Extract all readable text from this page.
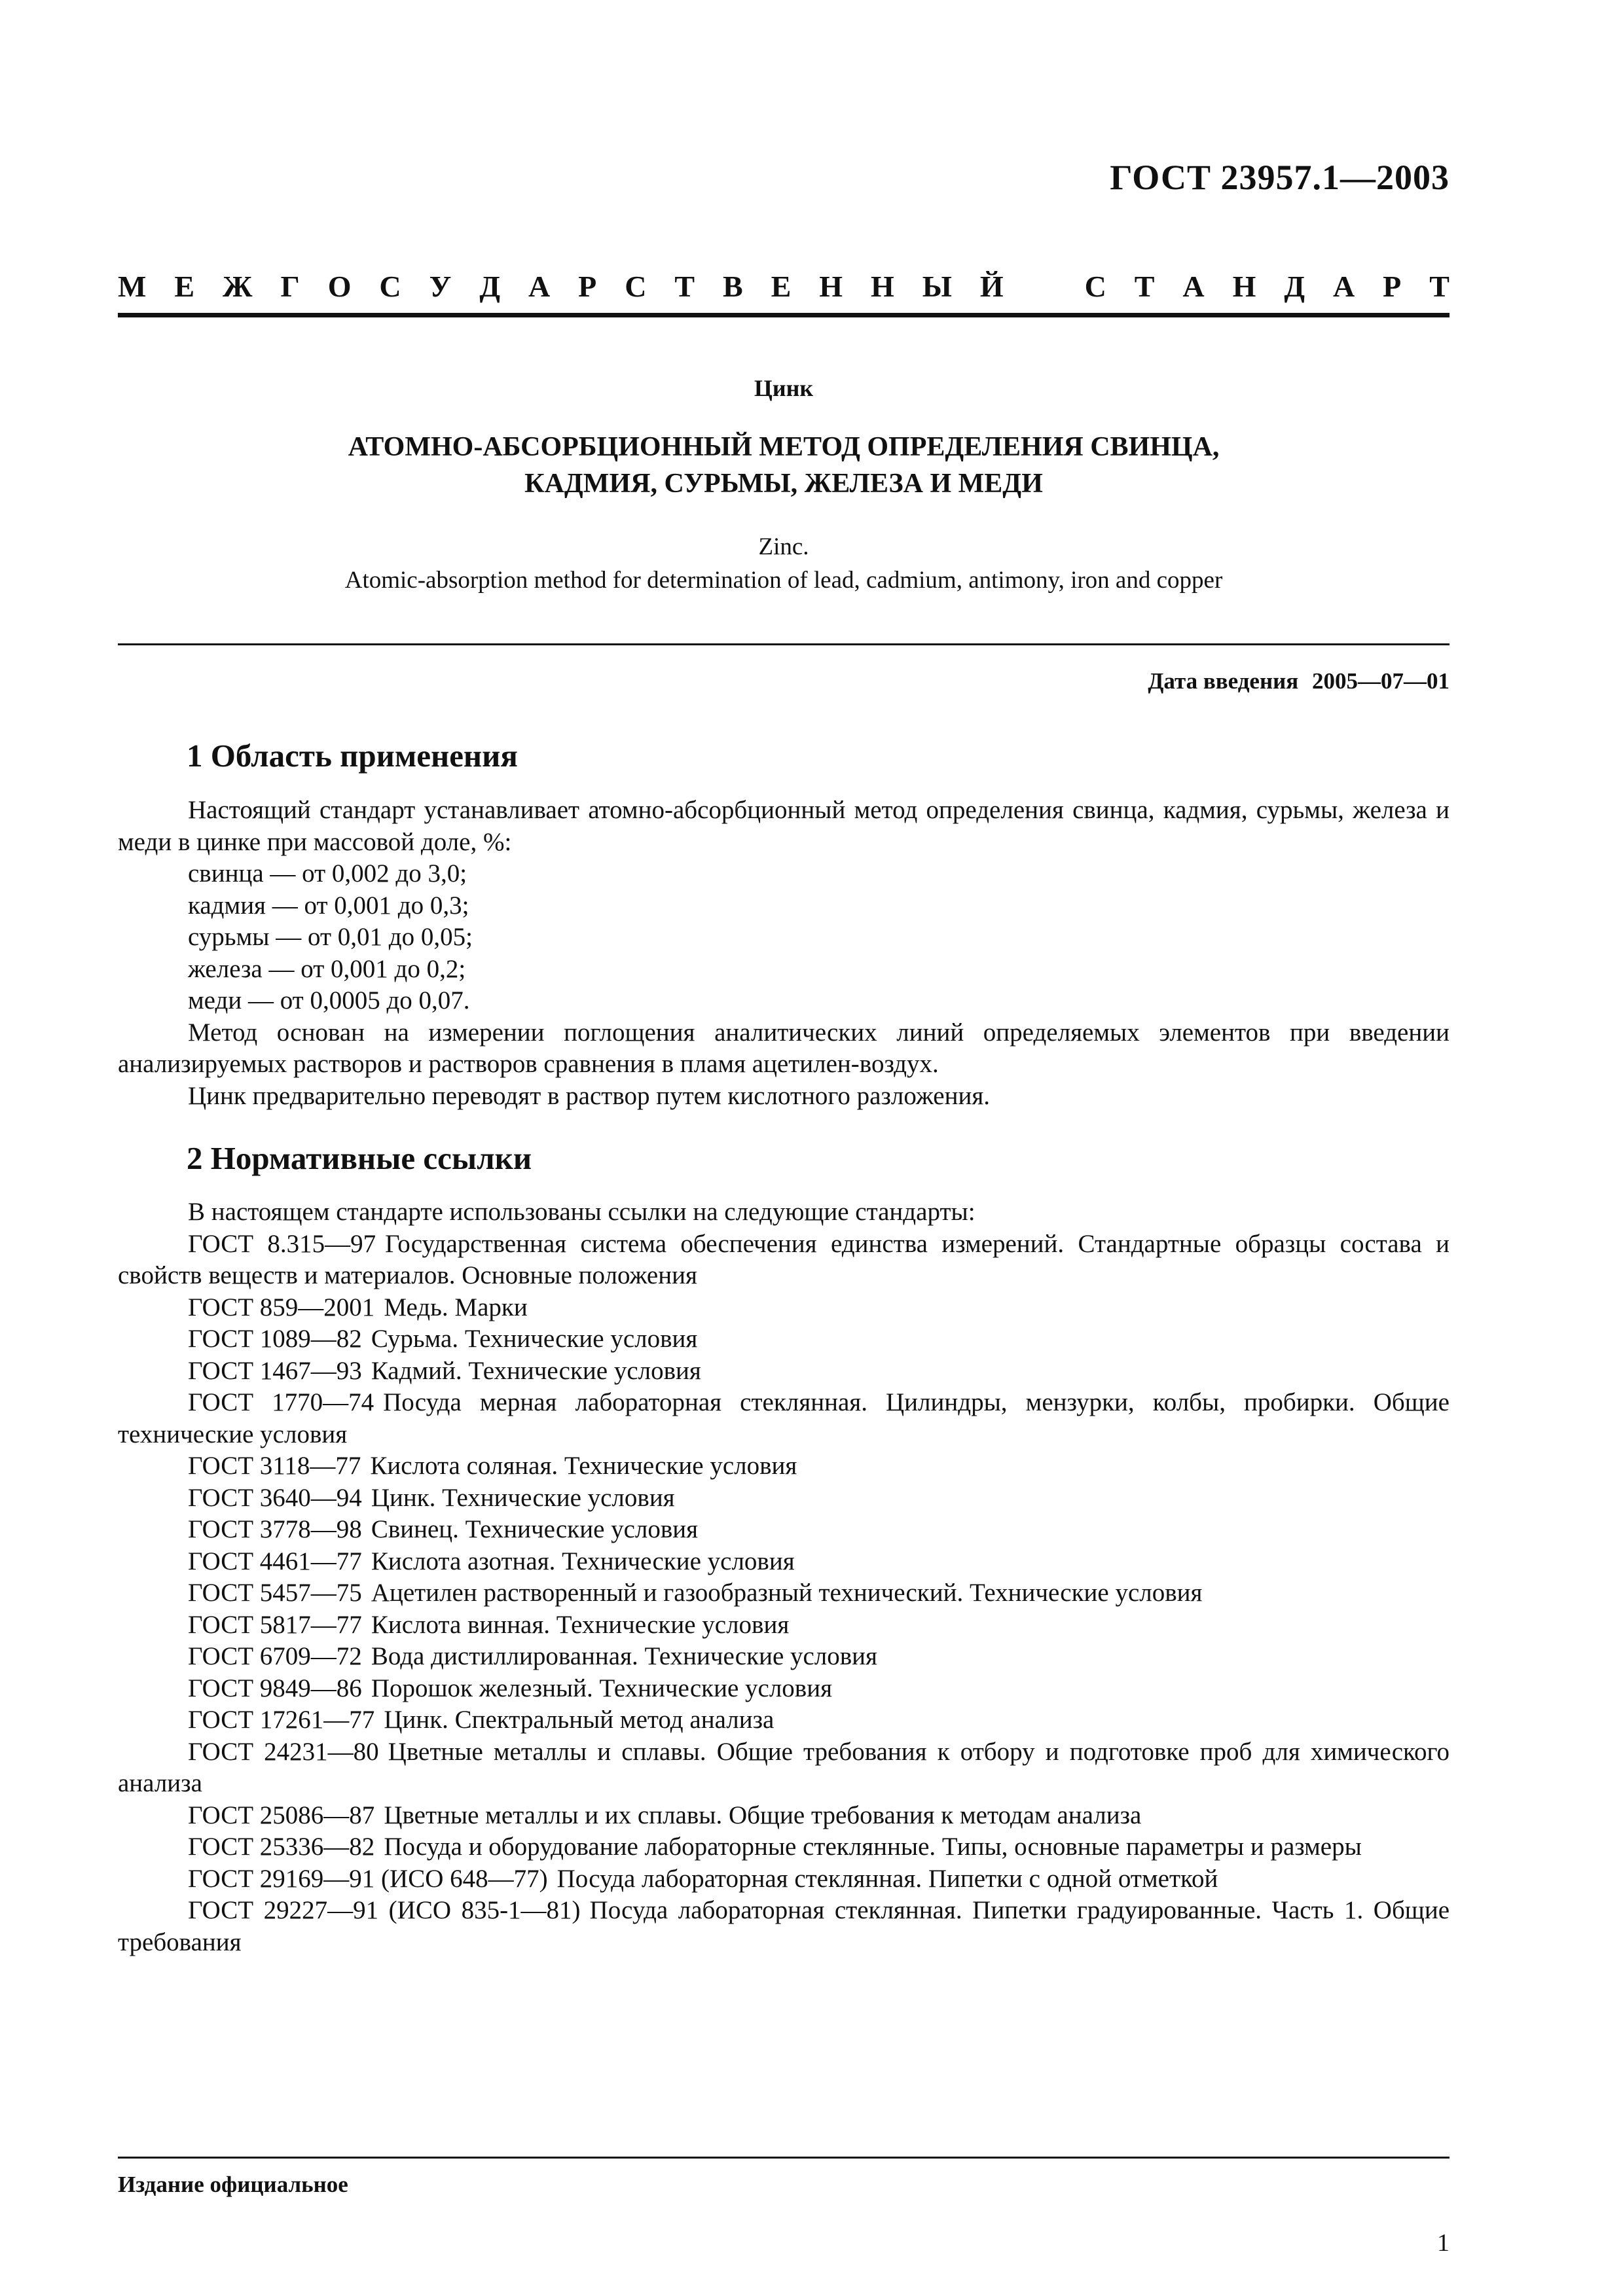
ГОСТ 23957.1—2003
М Е Ж Г О С У Д А Р С Т В Е Н Н Ы Й	С Т А Н Д А Р Т
Цинк
АТОМНО-АБСОРБЦИОННЫЙ МЕТОД ОПРЕДЕЛЕНИЯ СВИНЦА,
КАДМИЯ, СУРЬМЫ, ЖЕЛЕЗА И МЕДИ
Zinc.
Atomic-absorption method for determination of lead, cadmium, antimony, iron and copper
Дата введения 2005—07—01
1 Область применения

Настоящий стандарт устанавливает атомно-абсорбционный метод определения свинца, кадмия, сурьмы, железа и меди в цинке при массовой доле, %:

свинца — от 0,002 до 3,0;

кадмия — от 0,001 до 0,3;

сурьмы — от 0,01 до 0,05;

железа — от 0,001 до 0,2;

меди — от 0,0005 до 0,07.

Метод основан на измерении поглощения аналитических линий определяемых элементов при введении анализируемых растворов и растворов сравнения в пламя ацетилен-воздух.

Цинк предварительно переводят в раствор путем кислотного разложения.

2 Нормативные ссылки

В настоящем стандарте использованы ссылки на следующие стандарты:

ГОСТ 8.315—97 Государственная система обеспечения единства измерений. Стандартные образцы состава и свойств веществ и материалов. Основные положения

ГОСТ 859—2001 Медь. Марки

ГОСТ 1089—82 Сурьма. Технические условия

ГОСТ 1467—93 Кадмий. Технические условия

ГОСТ 1770—74 Посуда мерная лабораторная стеклянная. Цилиндры, мензурки, колбы, пробирки. Общие технические условия

ГОСТ 3118—77 Кислота соляная. Технические условия

ГОСТ 3640—94 Цинк. Технические условия

ГОСТ 3778—98 Свинец. Технические условия

ГОСТ 4461—77 Кислота азотная. Технические условия

ГОСТ 5457—75 Ацетилен растворенный и газообразный технический. Технические условия

ГОСТ 5817—77 Кислота винная. Технические условия

ГОСТ 6709—72 Вода дистиллированная. Технические условия

ГОСТ 9849—86 Порошок железный. Технические условия

ГОСТ 17261—77 Цинк. Спектральный метод анализа

ГОСТ 24231—80 Цветные металлы и сплавы. Общие требования к отбору и подготовке проб для химического анализа

ГОСТ 25086—87 Цветные металлы и их сплавы. Общие требования к методам анализа

ГОСТ 25336—82 Посуда и оборудование лабораторные стеклянные. Типы, основные параметры и размеры

ГОСТ 29169—91 (ИСО 648—77) Посуда лабораторная стеклянная. Пипетки с одной отметкой

ГОСТ 29227—91 (ИСО 835-1—81) Посуда лабораторная стеклянная. Пипетки градуированные. Часть 1. Общие требования

Издание официальное
1
